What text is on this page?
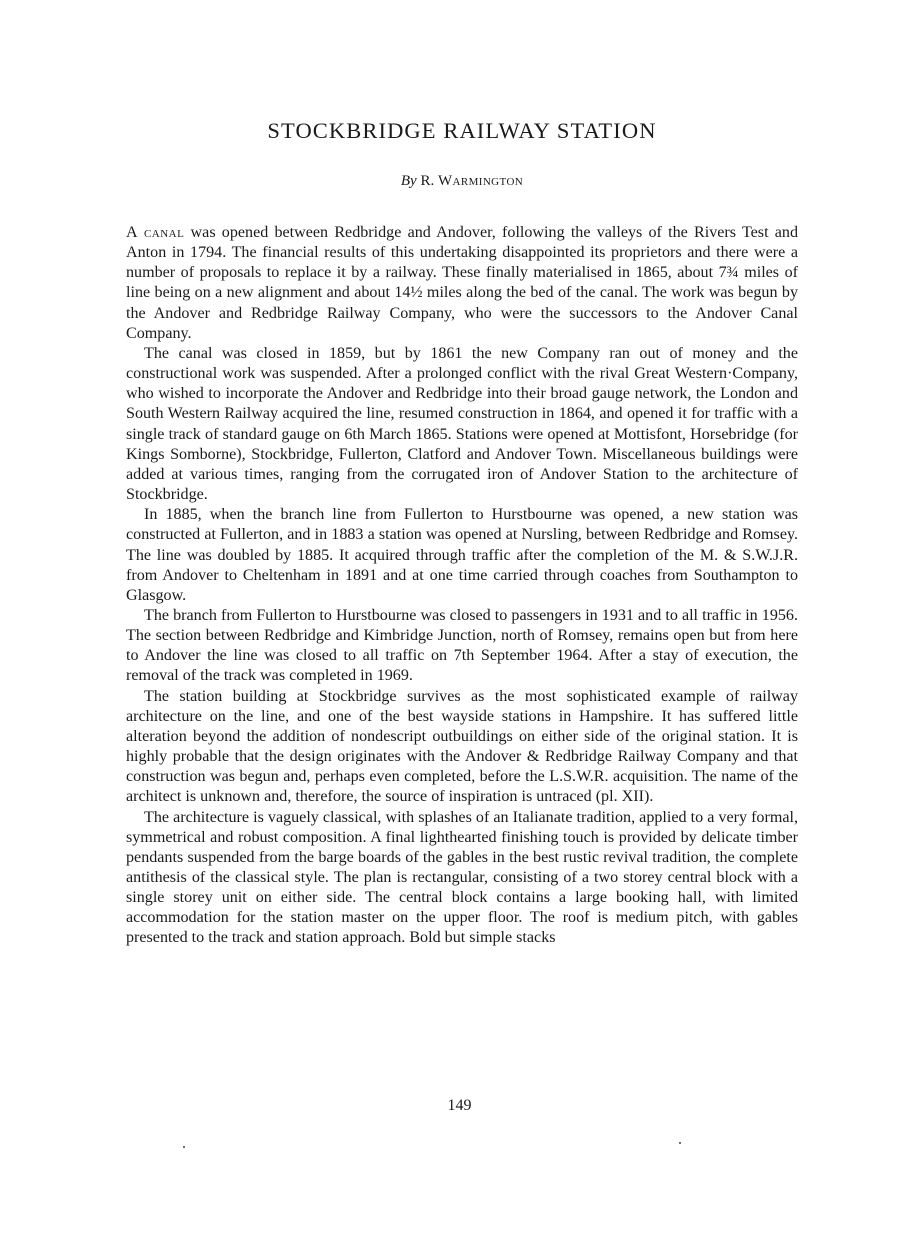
STOCKBRIDGE RAILWAY STATION
By R. Warmington

A canal was opened between Redbridge and Andover, following the valleys of the Rivers Test and Anton in 1794. The financial results of this undertaking disappointed its proprietors and there were a number of proposals to replace it by a railway. These finally materialised in 1865, about 7¾ miles of line being on a new alignment and about 14½ miles along the bed of the canal. The work was begun by the Andover and Redbridge Railway Company, who were the successors to the Andover Canal Company.

The canal was closed in 1859, but by 1861 the new Company ran out of money and the constructional work was suspended. After a prolonged conflict with the rival Great Western·Company, who wished to incorporate the Andover and Redbridge into their broad gauge network, the London and South Western Railway acquired the line, resumed construction in 1864, and opened it for traffic with a single track of standard gauge on 6th March 1865. Stations were opened at Mottisfont, Horsebridge (for Kings Somborne), Stockbridge, Fullerton, Clatford and Andover Town. Miscellaneous buildings were added at various times, ranging from the corrugated iron of Andover Station to the architecture of Stockbridge.

In 1885, when the branch line from Fullerton to Hurstbourne was opened, a new station was constructed at Fullerton, and in 1883 a station was opened at Nursling, between Redbridge and Romsey. The line was doubled by 1885. It acquired through traffic after the completion of the M. & S.W.J.R. from Andover to Cheltenham in 1891 and at one time carried through coaches from Southampton to Glasgow.

The branch from Fullerton to Hurstbourne was closed to passengers in 1931 and to all traffic in 1956. The section between Redbridge and Kimbridge Junction, north of Romsey, remains open but from here to Andover the line was closed to all traffic on 7th September 1964. After a stay of execution, the removal of the track was completed in 1969.

The station building at Stockbridge survives as the most sophisticated example of railway architecture on the line, and one of the best wayside stations in Hampshire. It has suffered little alteration beyond the addition of nondescript outbuildings on either side of the original station. It is highly probable that the design originates with the Andover & Redbridge Railway Company and that construction was begun and, perhaps even completed, before the L.S.W.R. acquisition. The name of the architect is unknown and, therefore, the source of inspiration is untraced (pl. XII).

The architecture is vaguely classical, with splashes of an Italianate tradition, applied to a very formal, symmetrical and robust composition. A final lighthearted finishing touch is provided by delicate timber pendants suspended from the barge boards of the gables in the best rustic revival tradition, the complete antithesis of the classical style. The plan is rectangular, consisting of a two storey central block with a single storey unit on either side. The central block contains a large booking hall, with limited accommodation for the station master on the upper floor. The roof is medium pitch, with gables presented to the track and station approach. Bold but simple stacks

149
